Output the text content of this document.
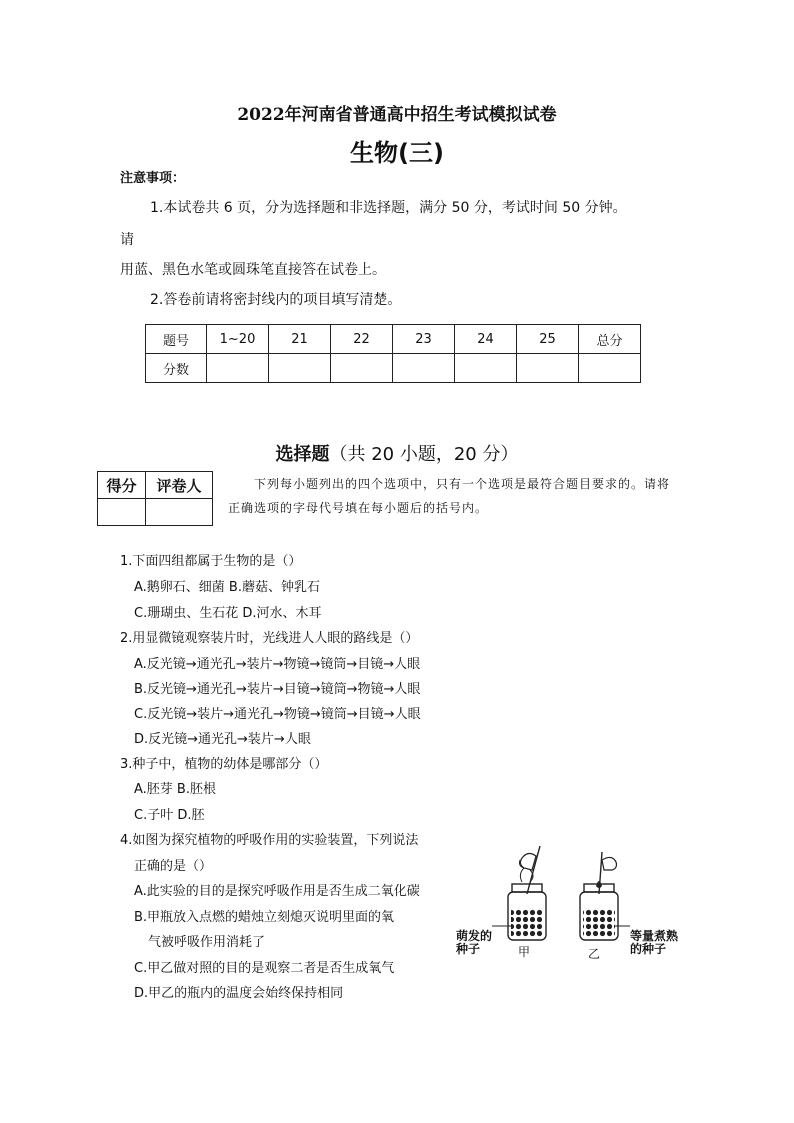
2022年河南省普通高中招生考试模拟试卷
生物(三)
注意事项：
1.本试卷共 6 页，分为选择题和非选择题，满分 50 分，考试时间 50 分钟。
请
用蓝、黑色水笔或圆珠笔直接答在试卷上。
2.答卷前请将密封线内的项目填写清楚。
题号	1~20	21	22	23	24	25	总分
分数							
选择题（共 20 小题，20 分）
得分	评卷人

  	下列每小题列出的四个选项中，只有一个选项是最符合题目要求的。请将正确选项的字母代号填在每小题后的括号内。
1.下面四组都属于生物的是（）
A.鹅卵石、细菌 B.蘑菇、钟乳石
C.珊瑚虫、生石花 D.河水、木耳
2.用显微镜观察装片时，光线进人人眼的路线是（）
A.反光镜→通光孔→装片→物镜→镜筒→目镜→人眼
B.反光镜→通光孔→装片→目镜→镜筒→物镜→人眼
C.反光镜→装片→通光孔→物镜→镜筒→目镜→人眼
D.反光镜→通光孔→装片→人眼
3.种子中，植物的幼体是哪部分（）
A.胚芽 B.胚根
C.子叶 D.胚
4.如图为探究植物的呼吸作用的实验装置，下列说法
正确的是（）
A.此实验的目的是探究呼吸作用是否生成二氧化碳
B.甲瓶放入点燃的蜡烛立刻熄灭说明里面的氧
气被呼吸作用消耗了
C.甲乙做对照的目的是观察二者是否生成氧气
D.甲乙的瓶内的温度会始终保持相同
萌发的
种子	甲	乙
等量煮熟
的种子
